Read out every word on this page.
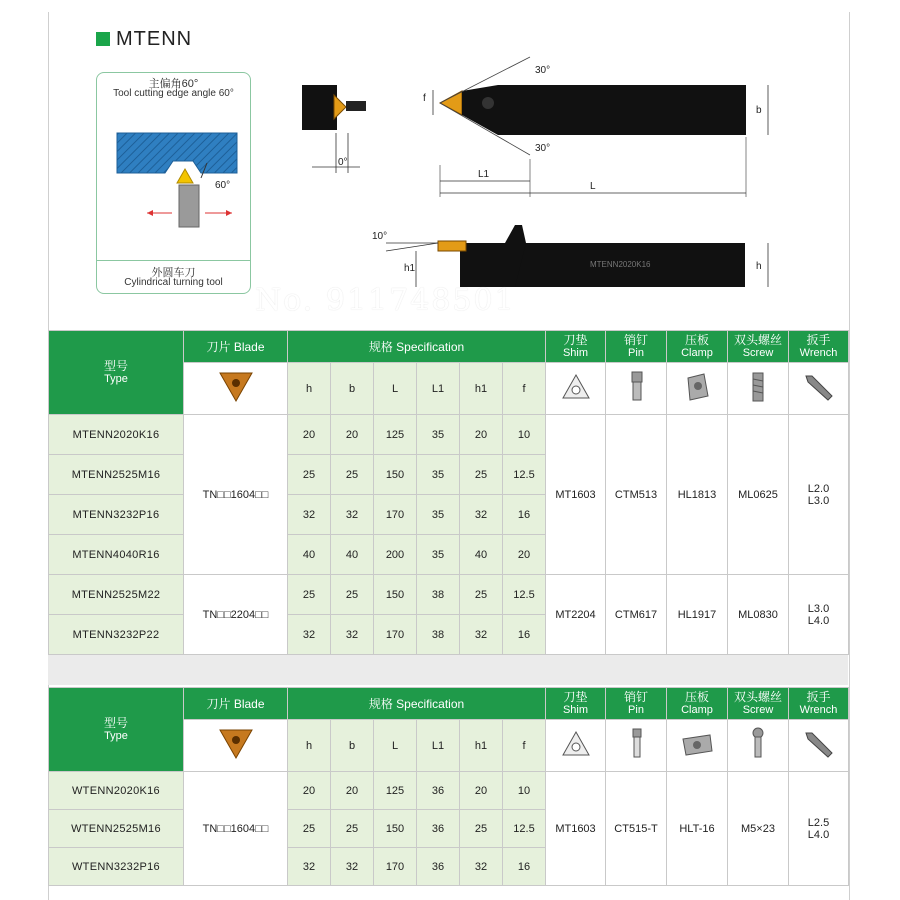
MTENN
主偏角60°
Tool cutting edge angle 60°
60°
外圆车刀
Cylindrical turning tool
0°
30°
30°
f
b
L1
L
MTENN2020K16
10°
h1	h
No. 911748501
型号
Type	刀片 Blade	规格 Specification						刀垫
Shim	销钉
Pin	压板
Clamp	双头螺丝
Screw	扳手
Wrench

	h	b	L	L1	h1	f					
MTENN2020K16	TN□□1604□□	20	20	125	35	20	10	MT1603	CTM513	HL1813	ML0625	L2.0
L3.0

MTENN2525M16		25	25	150	35	25	12.5					
MTENN3232P16		32	32	170	35	32	16					
MTENN4040R16		40	40	200	35	40	20					
MTENN2525M22	TN□□2204□□	25	25	150	38	25	12.5	MT2204	CTM617	HL1917	ML0830	L3.0
L4.0

MTENN3232P22		32	32	170	38	32	16					
型号
Type	刀片 Blade	规格 Specification						刀垫
Shim	销钉
Pin	压板
Clamp	双头螺丝
Screw	扳手
Wrench

	h	b	L	L1	h1	f					
WTENN2020K16	TN□□1604□□	20	20	125	36	20	10	MT1603	CT515-T	HLT-16	M5×23	L2.5
L4.0

WTENN2525M16		25	25	150	36	25	12.5					
WTENN3232P16		32	32	170	36	32	16					
